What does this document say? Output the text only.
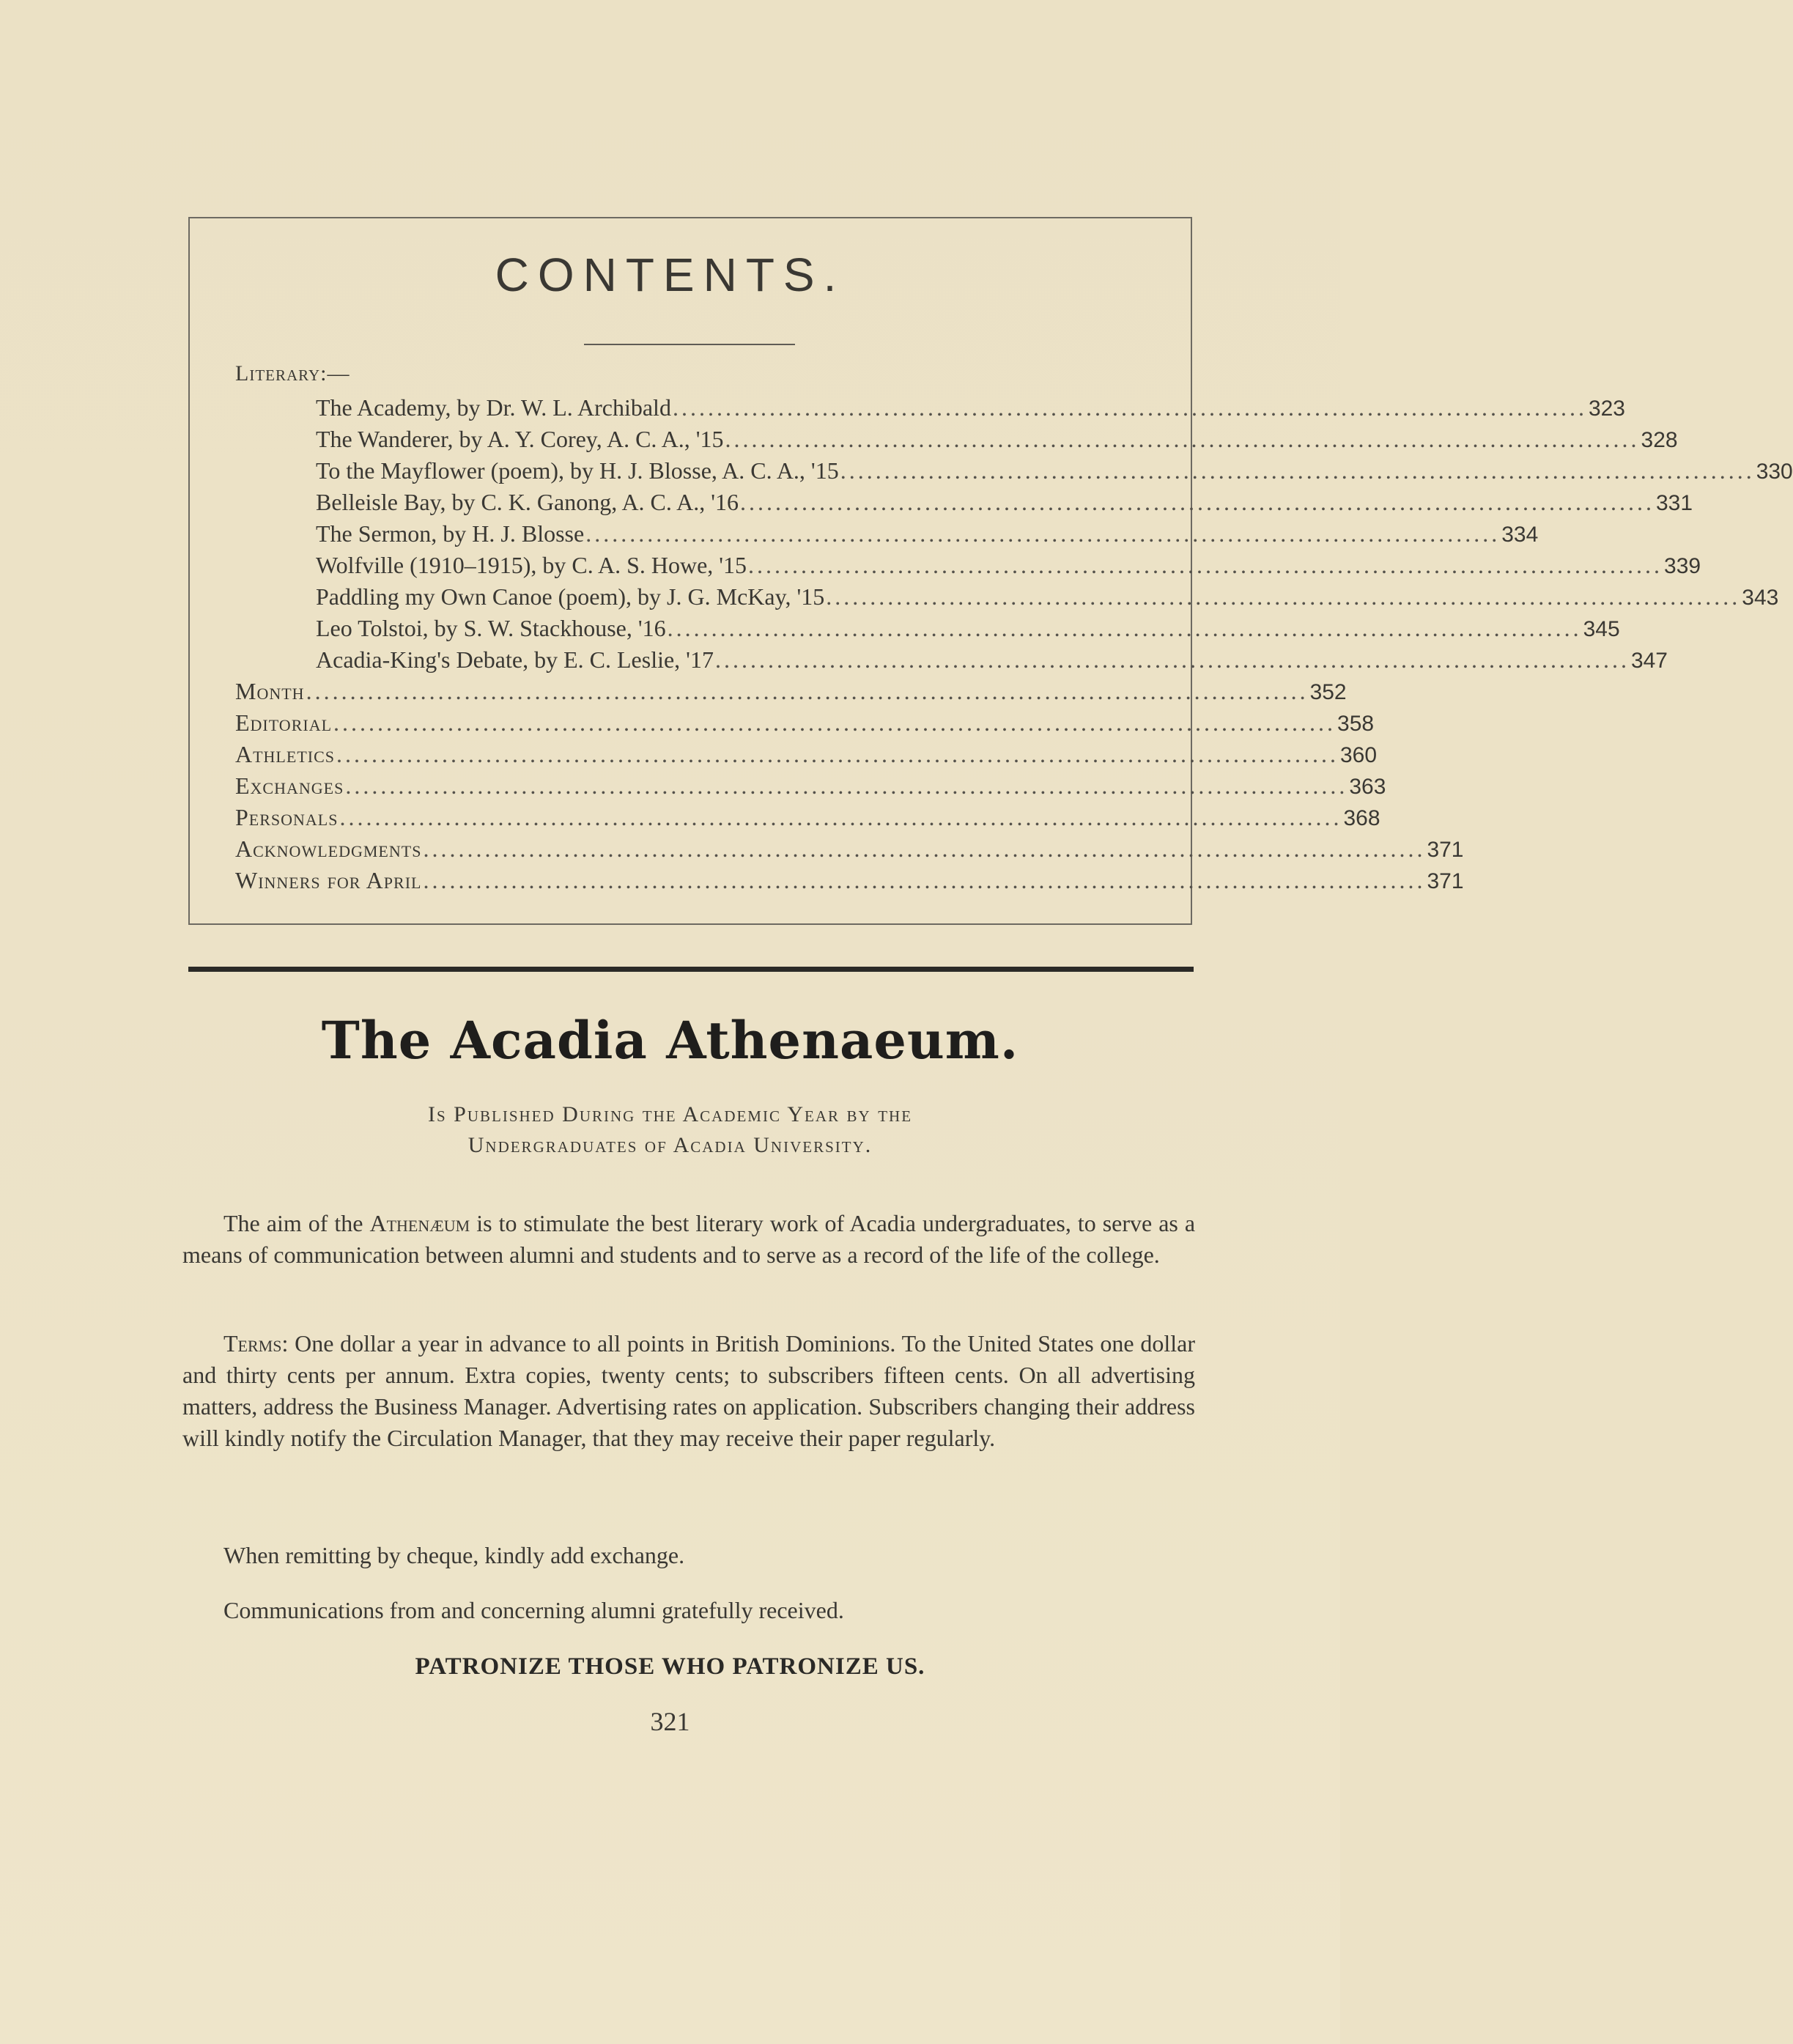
CONTENTS.
Literary:—
The Academy, by Dr. W. L. Archibald ........................................................................................................ 323
The Wanderer, by A. Y. Corey, A. C. A., '15 ........................................................................................................ 328
To the Mayflower (poem), by H. J. Blosse, A. C. A., '15 ........................................................................................................ 330
Belleisle Bay, by C. K. Ganong, A. C. A., '16 ........................................................................................................ 331
The Sermon, by H. J. Blosse ........................................................................................................ 334
Wolfville (1910–1915), by C. A. S. Howe, '15 ........................................................................................................ 339
Paddling my Own Canoe (poem), by J. G. McKay, '15 ........................................................................................................ 343
Leo Tolstoi, by S. W. Stackhouse, '16 ........................................................................................................ 345
Acadia-King's Debate, by E. C. Leslie, '17 ........................................................................................................ 347
Month .................................................................................................................. 352
Editorial .................................................................................................................. 358
Athletics .................................................................................................................. 360
Exchanges .................................................................................................................. 363
Personals .................................................................................................................. 368
Acknowledgments .................................................................................................................. 371
Winners for April .................................................................................................................. 371
The Acadia Athenaeum.
Is Published During the Academic Year by the
Undergraduates of Acadia University.
The aim of the Athenæum is to stimulate the best literary work of Acadia undergraduates, to serve as a means of communication between alumni and students and to serve as a record of the life of the college.
Terms: One dollar a year in advance to all points in British Dominions. To the United States one dollar and thirty cents per annum. Extra copies, twenty cents; to subscribers fifteen cents. On all advertising matters, address the Business Manager. Advertising rates on application. Subscribers changing their address will kindly notify the Circulation Manager, that they may receive their paper regularly.
When remitting by cheque, kindly add exchange.
Communications from and concerning alumni gratefully received.
PATRONIZE THOSE WHO PATRONIZE US.
321
